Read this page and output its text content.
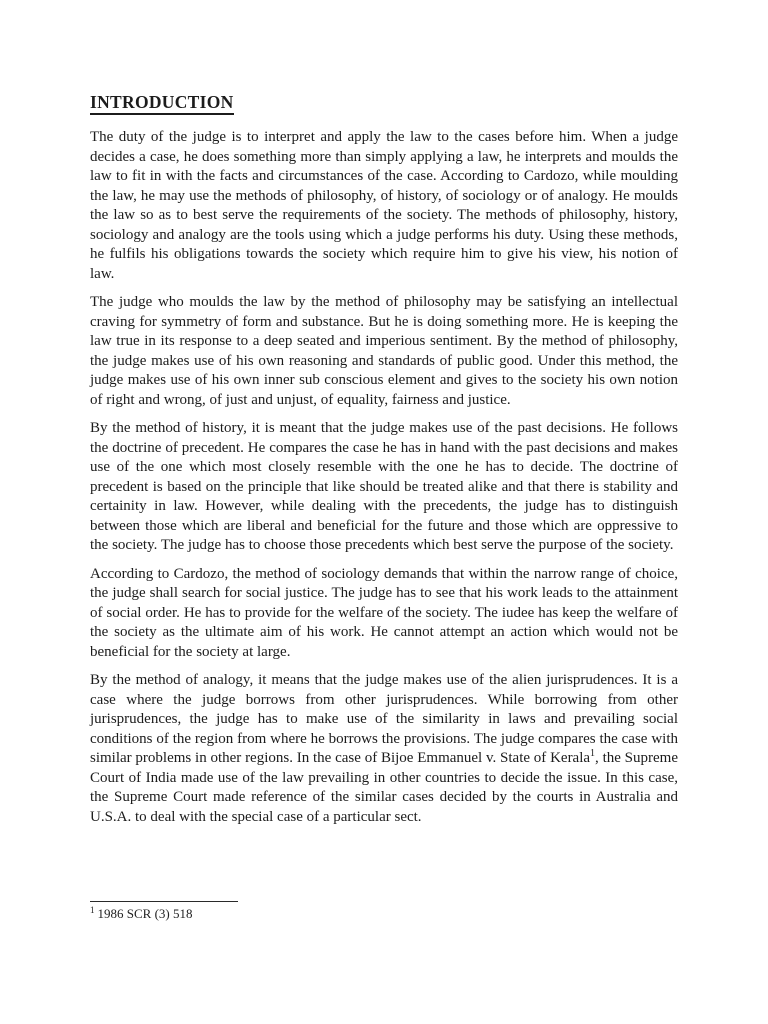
INTRODUCTION

The duty of the judge is to interpret and apply the law to the cases before him. When a judge decides a case, he does something more than simply applying a law, he interprets and moulds the law to fit in with the facts and circumstances of the case. According to Cardozo, while moulding the law, he may use the methods of philosophy, of history, of sociology or of analogy. He moulds the law so as to best serve the requirements of the society. The methods of philosophy, history, sociology and analogy are the tools using which a judge performs his duty. Using these methods, he fulfils his obligations towards the society which require him to give his view, his notion of law.

The judge who moulds the law by the method of philosophy may be satisfying an intellectual craving for symmetry of form and substance. But he is doing something more. He is keeping the law true in its response to a deep seated and imperious sentiment. By the method of philosophy, the judge makes use of his own reasoning and standards of public good. Under this method, the judge makes use of his own inner sub conscious element and gives to the society his own notion of right and wrong, of just and unjust, of equality, fairness and justice.

By the method of history, it is meant that the judge makes use of the past decisions. He follows the doctrine of precedent. He compares the case he has in hand with the past decisions and makes use of the one which most closely resemble with the one he has to decide. The doctrine of precedent is based on the principle that like should be treated alike and that there is stability and certainity in law. However, while dealing with the precedents, the judge has to distinguish between those which are liberal and beneficial for the future and those which are oppressive to the society. The judge has to choose those precedents which best serve the purpose of the society.

According to Cardozo, the method of sociology demands that within the narrow range of choice, the judge shall search for social justice. The judge has to see that his work leads to the attainment of social order. He has to provide for the welfare of the society. The iudee has keep the welfare of the society as the ultimate aim of his work. He cannot attempt an action which would not be beneficial for the society at large.

By the method of analogy, it means that the judge makes use of the alien jurisprudences. It is a case where the judge borrows from other jurisprudences. While borrowing from other jurisprudences, the judge has to make use of the similarity in laws and prevailing social conditions of the region from where he borrows the provisions. The judge compares the case with similar problems in other regions. In the case of Bijoe Emmanuel v. State of Kerala$^1$, the Supreme Court of India made use of the law prevailing in other countries to decide the issue. In this case, the Supreme Court made reference of the similar cases decided by the courts in Australia and U.S.A. to deal with the special case of a particular sect.

$^1$ 1986 SCR (3) 518
